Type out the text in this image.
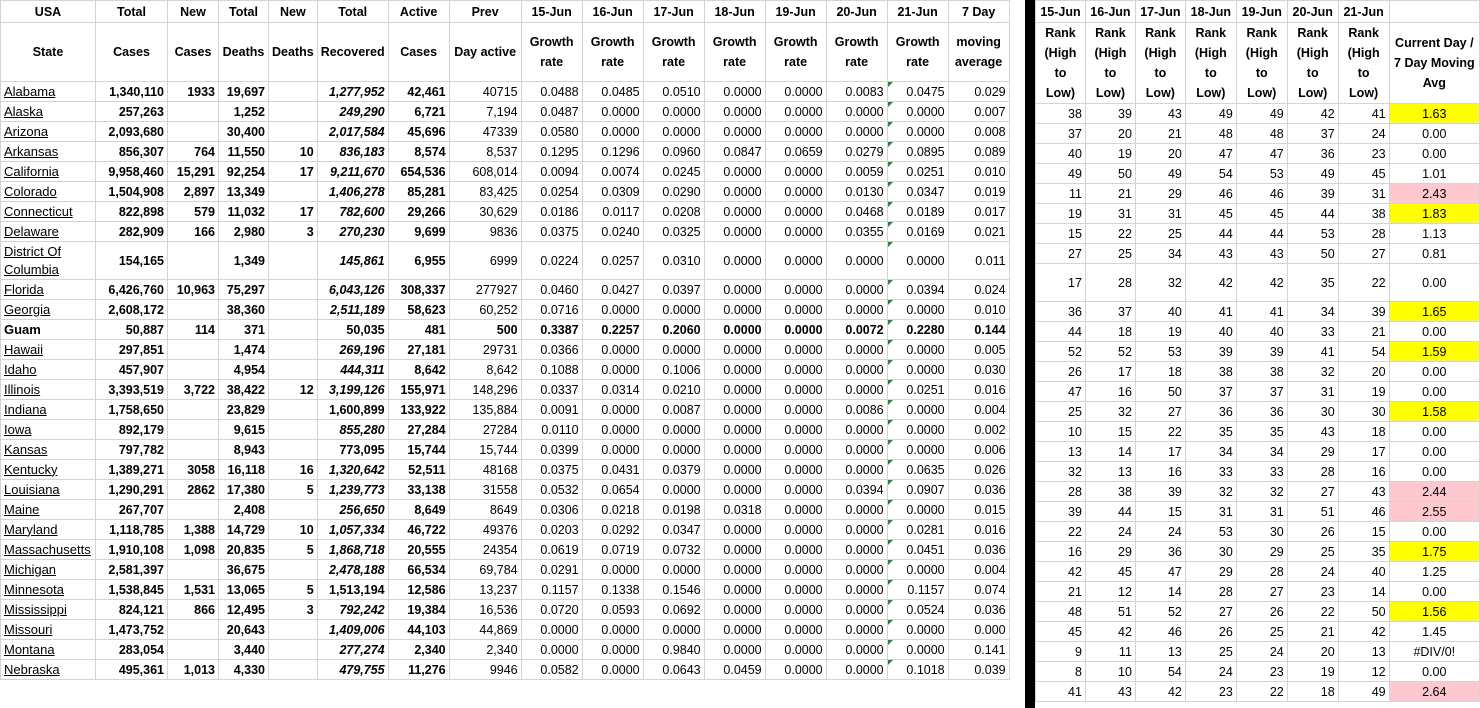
USA	Total	New	Total	New	Total	Active	Prev	15-Jun	16-Jun	17-Jun	18-Jun	19-Jun	20-Jun	21-Jun	7 Day
State	Cases	Cases	Deaths	Deaths	Recovered	Cases	Day active	Growth rate	Growth rate	Growth rate	Growth rate	Growth rate	Growth rate	Growth rate	moving average
Alabama	1,340,110	1933	19,697		1,277,952	42,461	40715	0.0488	0.0485	0.0510	0.0000	0.0000	0.0083	0.0475	0.029
Alaska	257,263		1,252		249,290	6,721	7,194	0.0487	0.0000	0.0000	0.0000	0.0000	0.0000	0.0000	0.007
Arizona	2,093,680		30,400		2,017,584	45,696	47339	0.0580	0.0000	0.0000	0.0000	0.0000	0.0000	0.0000	0.008
Arkansas	856,307	764	11,550	10	836,183	8,574	8,537	0.1295	0.1296	0.0960	0.0847	0.0659	0.0279	0.0895	0.089
California	9,958,460	15,291	92,254	17	9,211,670	654,536	608,014	0.0094	0.0074	0.0245	0.0000	0.0000	0.0059	0.0251	0.010
Colorado	1,504,908	2,897	13,349		1,406,278	85,281	83,425	0.0254	0.0309	0.0290	0.0000	0.0000	0.0130	0.0347	0.019
Connecticut	822,898	579	11,032	17	782,600	29,266	30,629	0.0186	0.0117	0.0208	0.0000	0.0000	0.0468	0.0189	0.017
Delaware	282,909	166	2,980	3	270,230	9,699	9836	0.0375	0.0240	0.0325	0.0000	0.0000	0.0355	0.0169	0.021
District Of Columbia	154,165		1,349		145,861	6,955	6999	0.0224	0.0257	0.0310	0.0000	0.0000	0.0000	0.0000	0.011
Florida	6,426,760	10,963	75,297		6,043,126	308,337	277927	0.0460	0.0427	0.0397	0.0000	0.0000	0.0000	0.0394	0.024
Georgia	2,608,172		38,360		2,511,189	58,623	60,252	0.0716	0.0000	0.0000	0.0000	0.0000	0.0000	0.0000	0.010
Guam	50,887	114	371		50,035	481	500	0.3387	0.2257	0.2060	0.0000	0.0000	0.0072	0.2280	0.144
Hawaii	297,851		1,474		269,196	27,181	29731	0.0366	0.0000	0.0000	0.0000	0.0000	0.0000	0.0000	0.005
Idaho	457,907		4,954		444,311	8,642	8,642	0.1088	0.0000	0.1006	0.0000	0.0000	0.0000	0.0000	0.030
Illinois	3,393,519	3,722	38,422	12	3,199,126	155,971	148,296	0.0337	0.0314	0.0210	0.0000	0.0000	0.0000	0.0251	0.016
Indiana	1,758,650		23,829		1,600,899	133,922	135,884	0.0091	0.0000	0.0087	0.0000	0.0000	0.0086	0.0000	0.004
Iowa	892,179		9,615		855,280	27,284	27284	0.0110	0.0000	0.0000	0.0000	0.0000	0.0000	0.0000	0.002
Kansas	797,782		8,943		773,095	15,744	15,744	0.0399	0.0000	0.0000	0.0000	0.0000	0.0000	0.0000	0.006
Kentucky	1,389,271	3058	16,118	16	1,320,642	52,511	48168	0.0375	0.0431	0.0379	0.0000	0.0000	0.0000	0.0635	0.026
Louisiana	1,290,291	2862	17,380	5	1,239,773	33,138	31558	0.0532	0.0654	0.0000	0.0000	0.0000	0.0394	0.0907	0.036
Maine	267,707		2,408		256,650	8,649	8649	0.0306	0.0218	0.0198	0.0318	0.0000	0.0000	0.0000	0.015
Maryland	1,118,785	1,388	14,729	10	1,057,334	46,722	49376	0.0203	0.0292	0.0347	0.0000	0.0000	0.0000	0.0281	0.016
Massachusetts	1,910,108	1,098	20,835	5	1,868,718	20,555	24354	0.0619	0.0719	0.0732	0.0000	0.0000	0.0000	0.0451	0.036
Michigan	2,581,397		36,675		2,478,188	66,534	69,784	0.0291	0.0000	0.0000	0.0000	0.0000	0.0000	0.0000	0.004
Minnesota	1,538,845	1,531	13,065	5	1,513,194	12,586	13,237	0.1157	0.1338	0.1546	0.0000	0.0000	0.0000	0.1157	0.074
Mississippi	824,121	866	12,495	3	792,242	19,384	16,536	0.0720	0.0593	0.0692	0.0000	0.0000	0.0000	0.0524	0.036
Missouri	1,473,752		20,643		1,409,006	44,103	44,869	0.0000	0.0000	0.0000	0.0000	0.0000	0.0000	0.0000	0.000
Montana	283,054		3,440		277,274	2,340	2,340	0.0000	0.0000	0.9840	0.0000	0.0000	0.0000	0.0000	0.141
Nebraska	495,361	1,013	4,330		479,755	11,276	9946	0.0582	0.0000	0.0643	0.0459	0.0000	0.0000	0.1018	0.039
15-Jun	16-Jun	17-Jun	18-Jun	19-Jun	20-Jun	21-Jun	
Rank (High to Low)	Rank (High to Low)	Rank (High to Low)	Rank (High to Low)	Rank (High to Low)	Rank (High to Low)	Rank (High to Low)	Current Day / 7 Day Moving Avg
38	39	43	49	49	42	41	1.63
37	20	21	48	48	37	24	0.00
40	19	20	47	47	36	23	0.00
49	50	49	54	53	49	45	1.01
11	21	29	46	46	39	31	2.43
19	31	31	45	45	44	38	1.83
15	22	25	44	44	53	28	1.13
27	25	34	43	43	50	27	0.81
17	28	32	42	42	35	22	0.00
36	37	40	41	41	34	39	1.65
44	18	19	40	40	33	21	0.00
52	52	53	39	39	41	54	1.59
26	17	18	38	38	32	20	0.00
47	16	50	37	37	31	19	0.00
25	32	27	36	36	30	30	1.58
10	15	22	35	35	43	18	0.00
13	14	17	34	34	29	17	0.00
32	13	16	33	33	28	16	0.00
28	38	39	32	32	27	43	2.44
39	44	15	31	31	51	46	2.55
22	24	24	53	30	26	15	0.00
16	29	36	30	29	25	35	1.75
42	45	47	29	28	24	40	1.25
21	12	14	28	27	23	14	0.00
48	51	52	27	26	22	50	1.56
45	42	46	26	25	21	42	1.45
9	11	13	25	24	20	13	#DIV/0!
8	10	54	24	23	19	12	0.00
41	43	42	23	22	18	49	2.64
